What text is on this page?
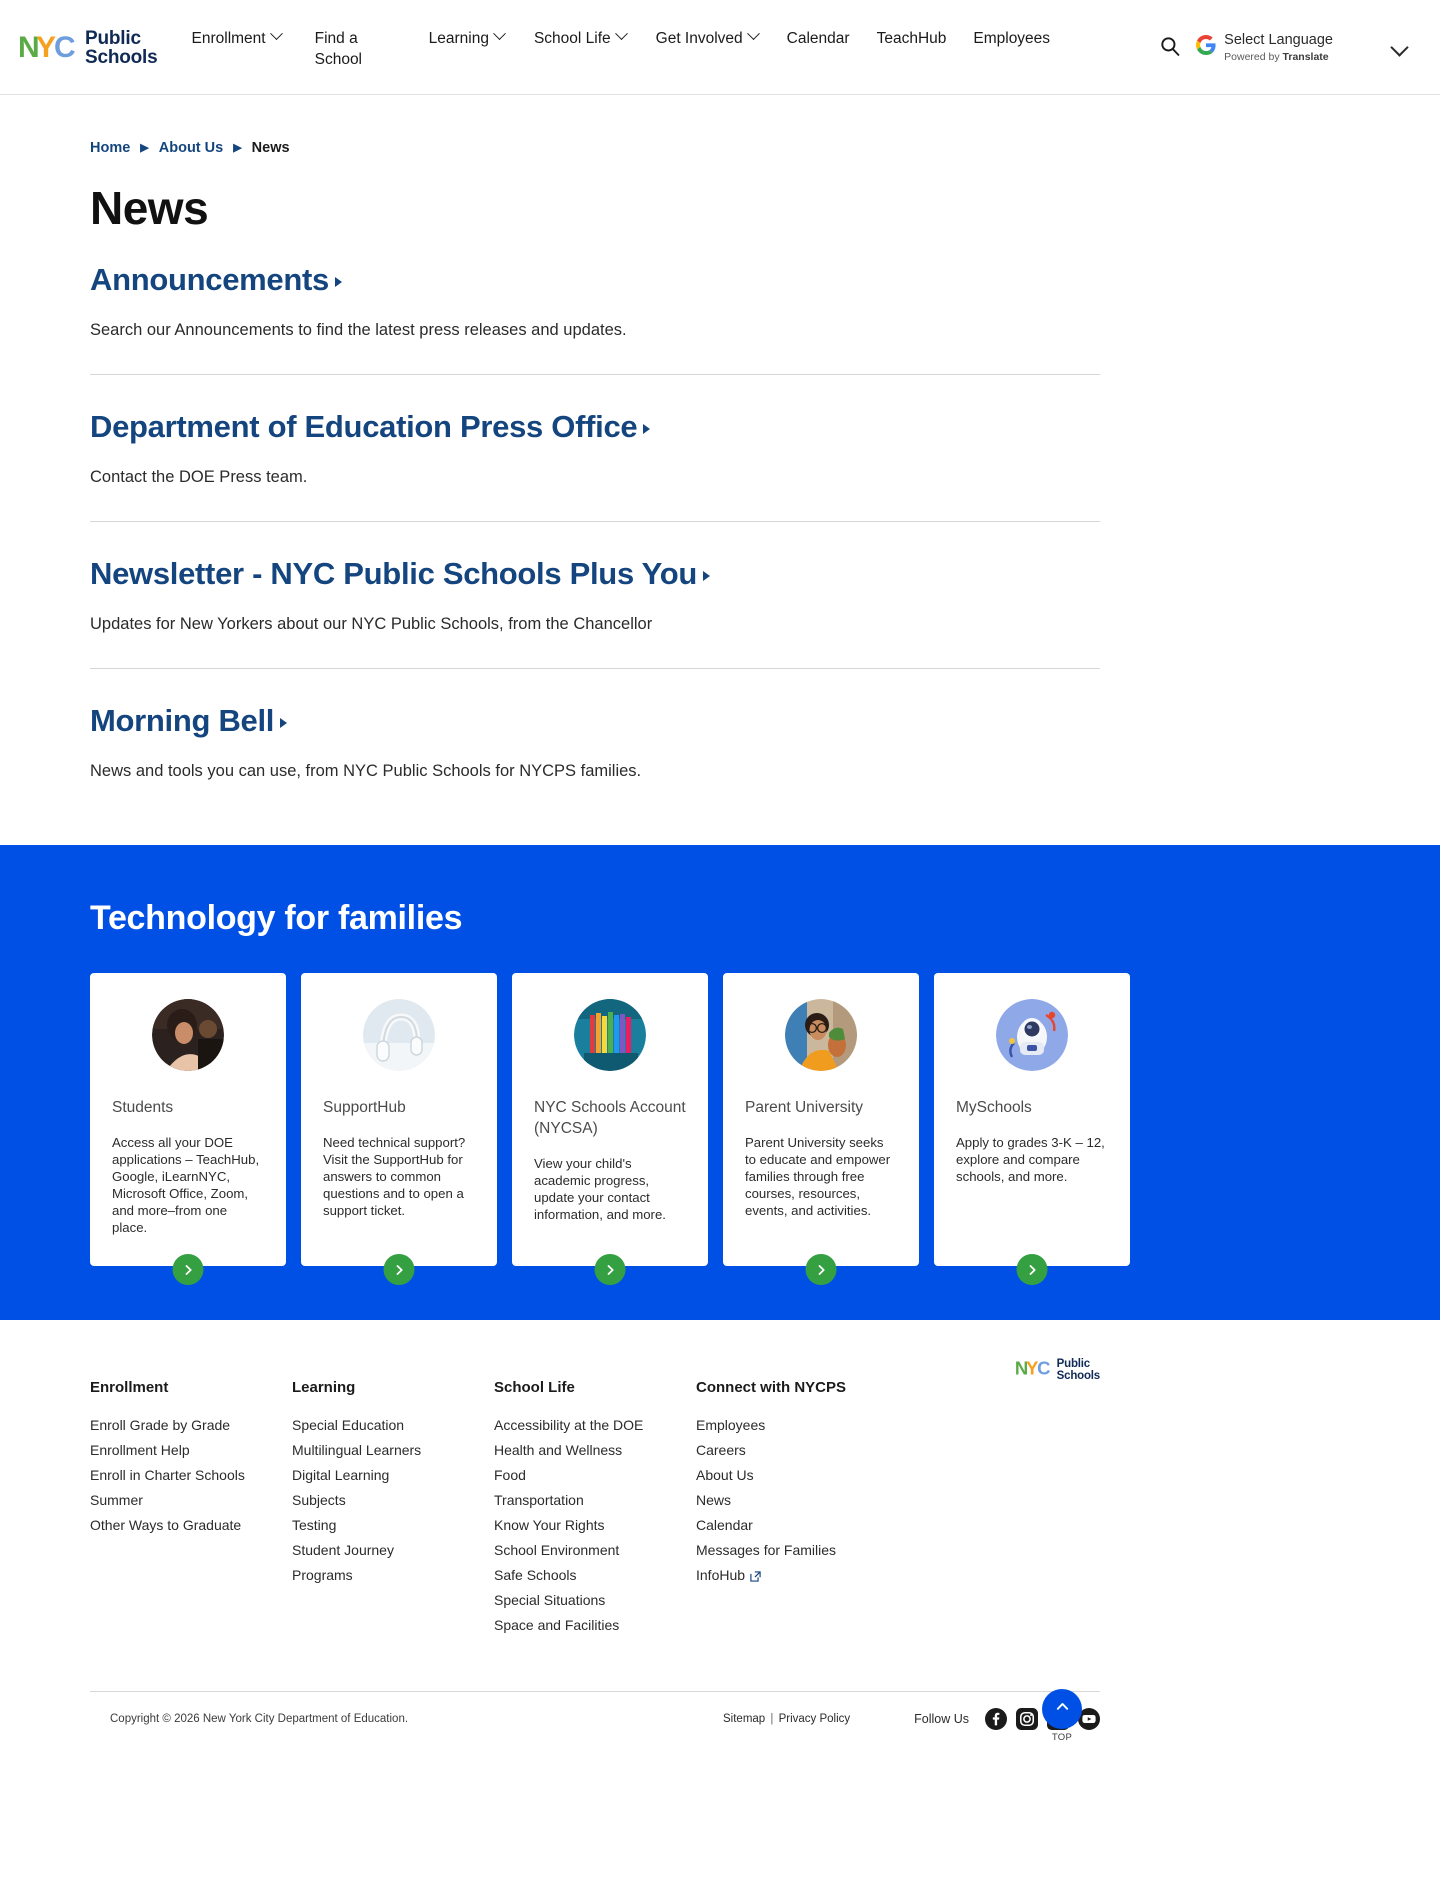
N
Y
C Public
Schools
Enrollment	Find a School
Learning	School Life	Get Involved	Calendar TeachHub Employees	Select Language
Powered by Translate
Home ▶ About Us ▶ News
News
Announcements

Search our Announcements to find the latest press releases and updates.

Department of Education Press Office

Contact the DOE Press team.

Newsletter - NYC Public Schools Plus You

Updates for New Yorkers about our NYC Public Schools, from the Chancellor

Morning Bell

News and tools you can use, from NYC Public Schools for NYCPS families.

Technology for families
Students
Access all your DOE applications – TeachHub, Google, iLearnNYC, Microsoft Office, Zoom, and more–from one place.
SupportHub
Need technical support? Visit the SupportHub for answers to common questions and to open a support ticket.
NYC Schools Account (NYCSA)
View your child's academic progress, update your contact information, and more.
Parent University
Parent University seeks to educate and empower families through free courses, resources, events, and activities.
MySchools
Apply to grades 3-K – 12, explore and compare schools, and more.
N
Y
C Public
Schools
Enrollment
Enroll Grade by Grade
Enrollment Help
Enroll in Charter Schools
Summer
Other Ways to Graduate
Learning
Special Education
Multilingual Learners
Digital Learning
Subjects
Testing
Student Journey
Programs
School Life
Accessibility at the DOE
Health and Wellness
Food
Transportation
Know Your Rights
School Environment
Safe Schools
Special Situations
Space and Facilities
Connect with NYCPS
Employees
Careers
About Us
News
Calendar
Messages for Families
InfoHub
Copyright © 2026 New York City Department of Education.	Sitemap | Privacy Policy	Follow Us
TOP
